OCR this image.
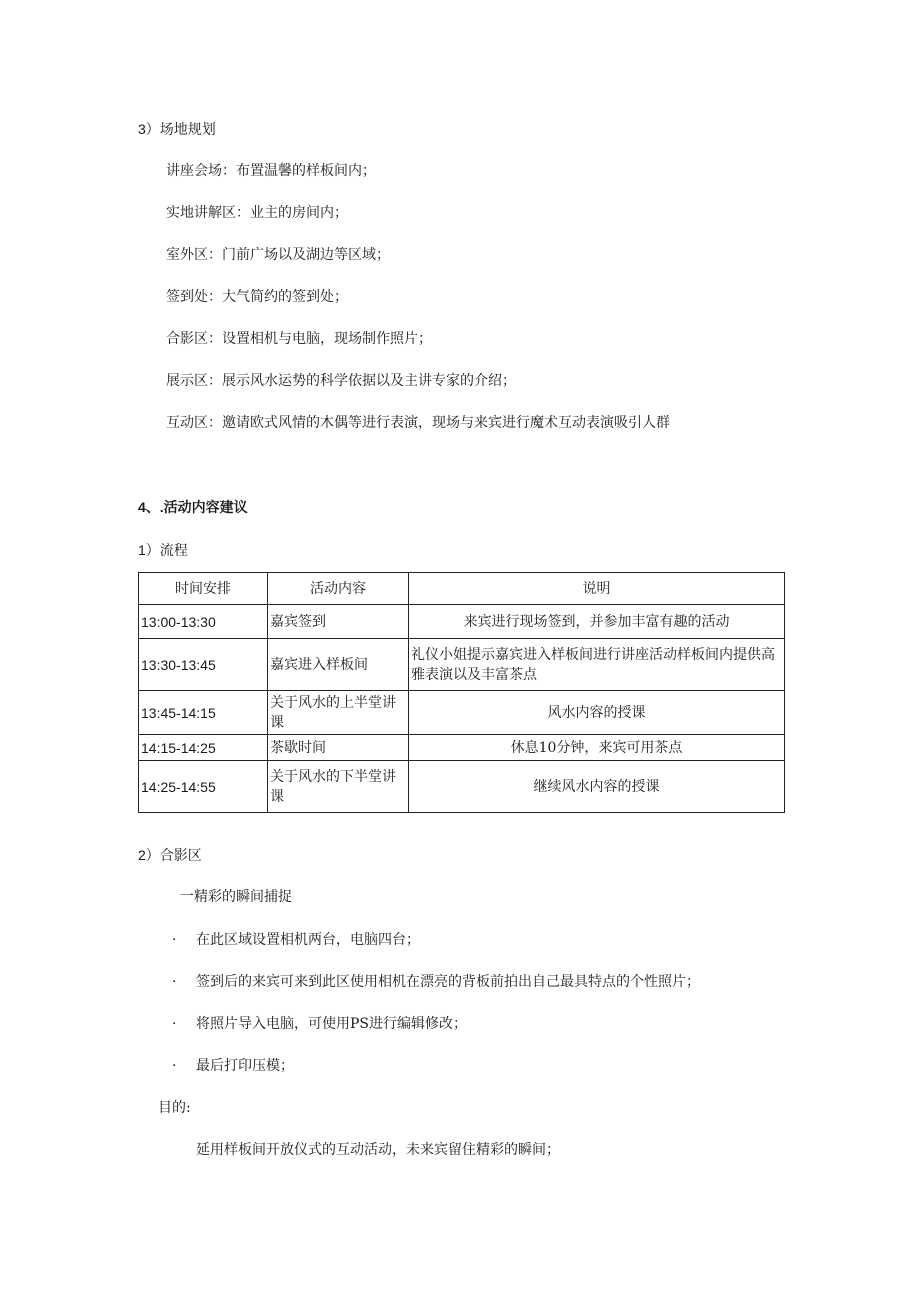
3）场地规划
讲座会场：布置温馨的样板间内；
实地讲解区：业主的房间内；
室外区：门前广场以及湖边等区域；
签到处：大气简约的签到处；
合影区：设置相机与电脑，现场制作照片；
展示区：展示风水运势的科学依据以及主讲专家的介绍；
互动区：邀请欧式风情的木偶等进行表演，现场与来宾进行魔术互动表演吸引人群
4、.活动内容建议
1）流程
时间安排	活动内容	说明
13:00-13:30	嘉宾签到	来宾进行现场签到，并参加丰富有趣的活动
13:30-13:45	嘉宾进入样板间	礼仪小姐提示嘉宾进入样板间进行讲座活动样板间内提供高雅表演以及丰富茶点
13:45-14:15	关于风水的上半堂讲课	风水内容的授课
14:15-14:25	茶歇时间	休息10分钟，来宾可用茶点
14:25-14:55	关于风水的下半堂讲课	继续风水内容的授课
2）合影区
一精彩的瞬间捕捉
· 在此区域设置相机两台，电脑四台；
· 签到后的来宾可来到此区使用相机在漂亮的背板前拍出自己最具特点的个性照片；
· 将照片导入电脑，可使用PS进行编辑修改；
· 最后打印压模；
目的:
延用样板间开放仪式的互动活动，未来宾留住精彩的瞬间；
